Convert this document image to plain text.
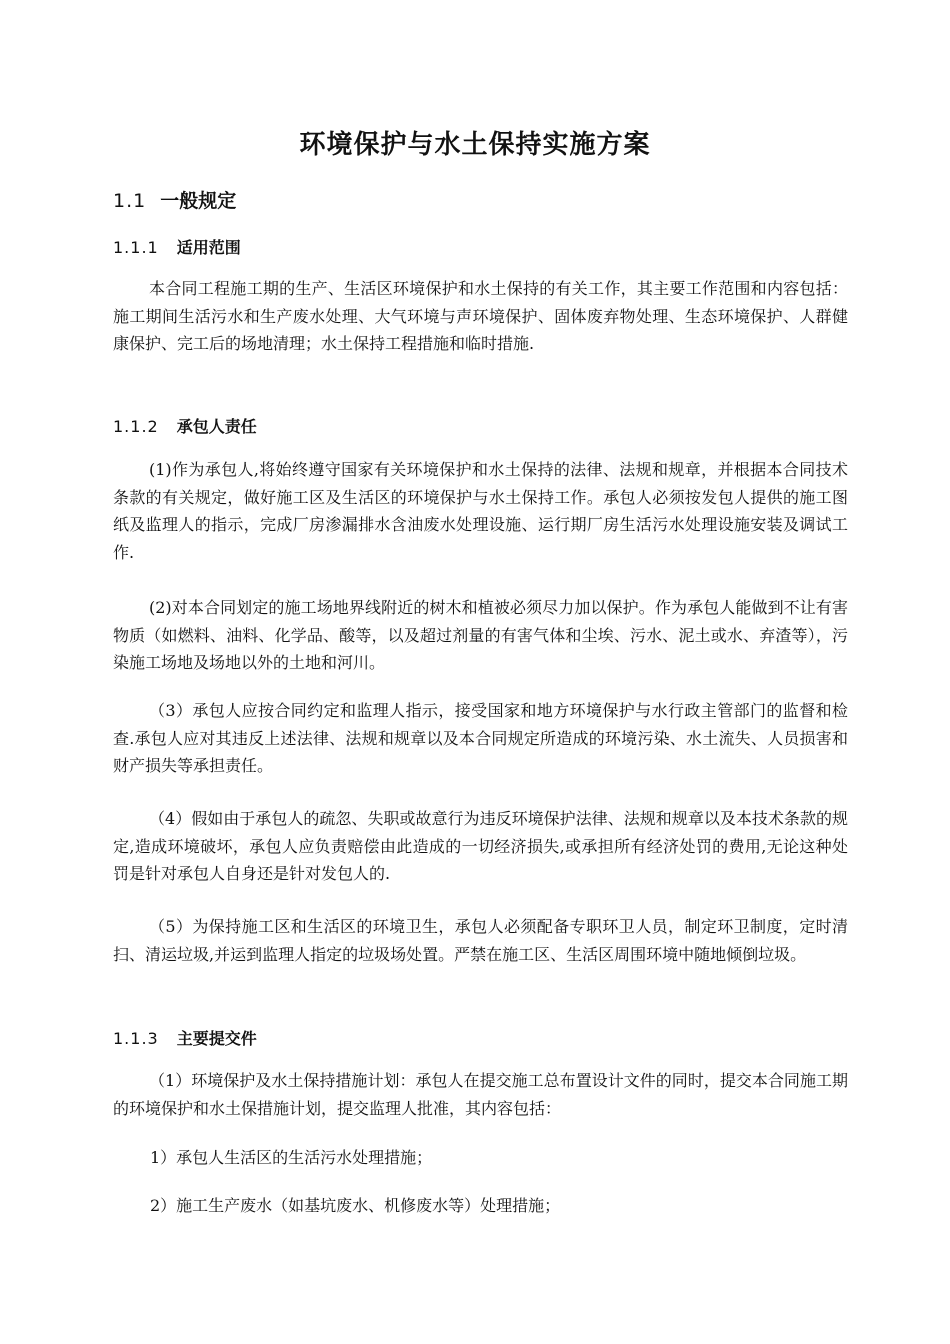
环境保护与水土保持实施方案
1.1 一般规定
1.1.1 适用范围

本合同工程施工期的生产、生活区环境保护和水土保持的有关工作，其主要工作范围和内容包括：施工期间生活污水和生产废水处理、大气环境与声环境保护、固体废弃物处理、生态环境保护、人群健康保护、完工后的场地清理；水土保持工程措施和临时措施.

1.1.2 承包人责任

(1)作为承包人,将始终遵守国家有关环境保护和水土保持的法律、法规和规章，并根据本合同技术条款的有关规定，做好施工区及生活区的环境保护与水土保持工作。承包人必须按发包人提供的施工图纸及监理人的指示，完成厂房渗漏排水含油废水处理设施、运行期厂房生活污水处理设施安装及调试工作.

(2)对本合同划定的施工场地界线附近的树木和植被必须尽力加以保护。作为承包人能做到不让有害物质（如燃料、油料、化学品、酸等，以及超过剂量的有害气体和尘埃、污水、泥土或水、弃渣等），污染施工场地及场地以外的土地和河川。

（3）承包人应按合同约定和监理人指示，接受国家和地方环境保护与水行政主管部门的监督和检查.承包人应对其违反上述法律、法规和规章以及本合同规定所造成的环境污染、水土流失、人员损害和财产损失等承担责任。

（4）假如由于承包人的疏忽、失职或故意行为违反环境保护法律、法规和规章以及本技术条款的规定,造成环境破坏，承包人应负责赔偿由此造成的一切经济损失,或承担所有经济处罚的费用,无论这种处罚是针对承包人自身还是针对发包人的.

（5）为保持施工区和生活区的环境卫生，承包人必须配备专职环卫人员，制定环卫制度，定时清扫、清运垃圾,并运到监理人指定的垃圾场处置。严禁在施工区、生活区周围环境中随地倾倒垃圾。

1.1.3 主要提交件

（1）环境保护及水土保持措施计划：承包人在提交施工总布置设计文件的同时，提交本合同施工期的环境保护和水土保措施计划，提交监理人批准，其内容包括：

1）承包人生活区的生活污水处理措施；
2）施工生产废水（如基坑废水、机修废水等）处理措施；
